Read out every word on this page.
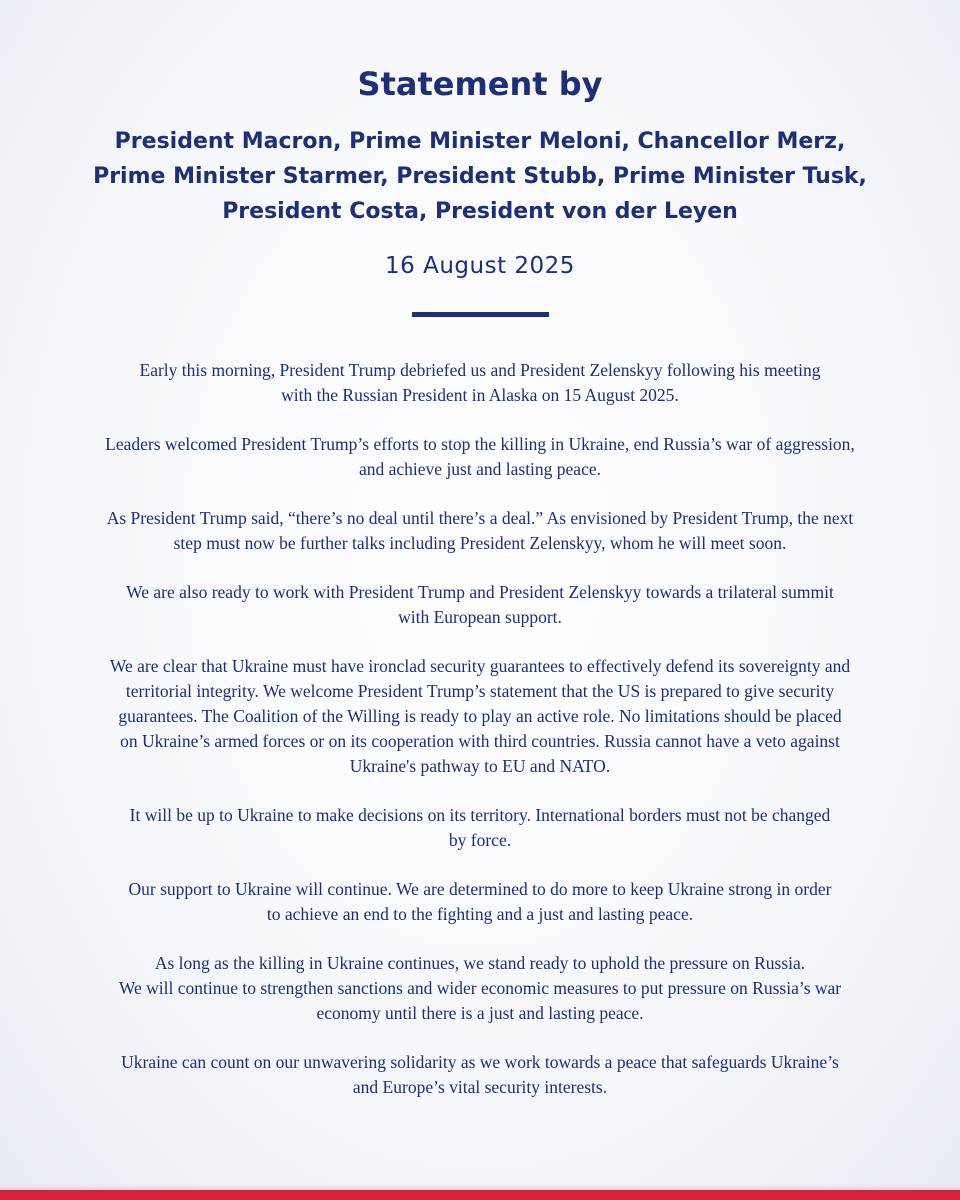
Statement by
President Macron, Prime Minister Meloni, Chancellor Merz,
Prime Minister Starmer, President Stubb, Prime Minister Tusk,
President Costa, President von der Leyen
16 August 2025

Early this morning, President Trump debriefed us and President Zelenskyy following his meeting
with the Russian President in Alaska on 15 August 2025.

Leaders welcomed President Trump’s efforts to stop the killing in Ukraine, end Russia’s war of aggression,
and achieve just and lasting peace.

As President Trump said, “there’s no deal until there’s a deal.” As envisioned by President Trump, the next
step must now be further talks including President Zelenskyy, whom he will meet soon.

We are also ready to work with President Trump and President Zelenskyy towards a trilateral summit
with European support.

We are clear that Ukraine must have ironclad security guarantees to effectively defend its sovereignty and
territorial integrity. We welcome President Trump’s statement that the US is prepared to give security
guarantees. The Coalition of the Willing is ready to play an active role. No limitations should be placed
on Ukraine’s armed forces or on its cooperation with third countries. Russia cannot have a veto against
Ukraine's pathway to EU and NATO.

It will be up to Ukraine to make decisions on its territory. International borders must not be changed
by force.

Our support to Ukraine will continue. We are determined to do more to keep Ukraine strong in order
to achieve an end to the fighting and a just and lasting peace.

As long as the killing in Ukraine continues, we stand ready to uphold the pressure on Russia.
We will continue to strengthen sanctions and wider economic measures to put pressure on Russia’s war
economy until there is a just and lasting peace.

Ukraine can count on our unwavering solidarity as we work towards a peace that safeguards Ukraine’s
and Europe’s vital security interests.
